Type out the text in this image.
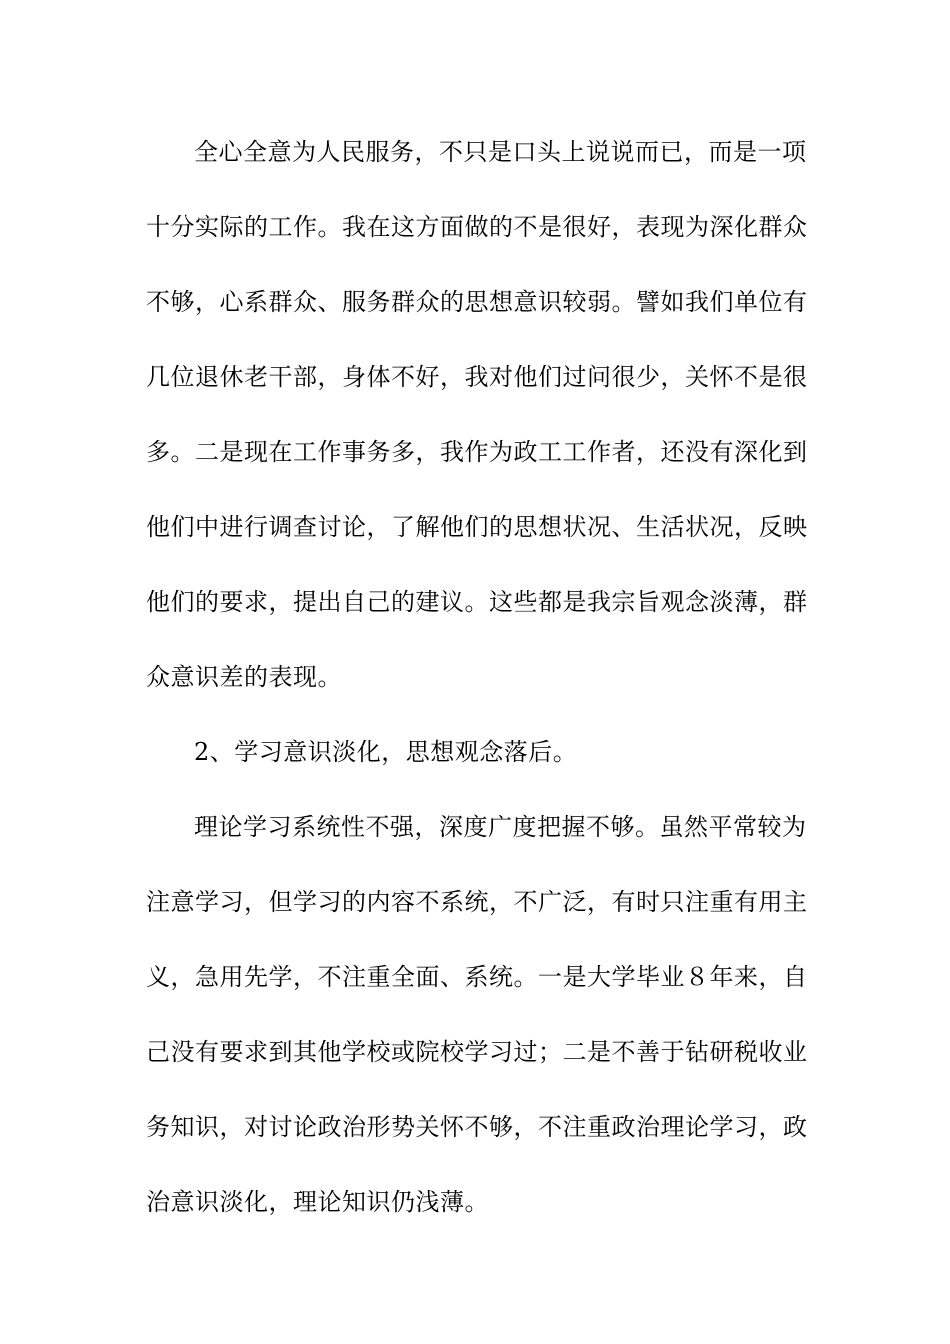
全心全意为人民服务，不只是口头上说说而已，而是一项
十分实际的工作。我在这方面做的不是很好，表现为深化群众
不够，心系群众、服务群众的思想意识较弱。譬如我们单位有
几位退休老干部，身体不好，我对他们过问很少，关怀不是很
多。二是现在工作事务多，我作为政工工作者，还没有深化到
他们中进行调查讨论，了解他们的思想状况、生活状况，反映
他们的要求，提出自己的建议。这些都是我宗旨观念淡薄，群
众意识差的表现。
2、学习意识淡化，思想观念落后。
理论学习系统性不强，深度广度把握不够。虽然平常较为
注意学习，但学习的内容不系统，不广泛，有时只注重有用主
义，急用先学，不注重全面、系统。一是大学毕业８年来，自
己没有要求到其他学校或院校学习过；二是不善于钻研税收业
务知识，对讨论政治形势关怀不够，不注重政治理论学习，政
治意识淡化，理论知识仍浅薄。
